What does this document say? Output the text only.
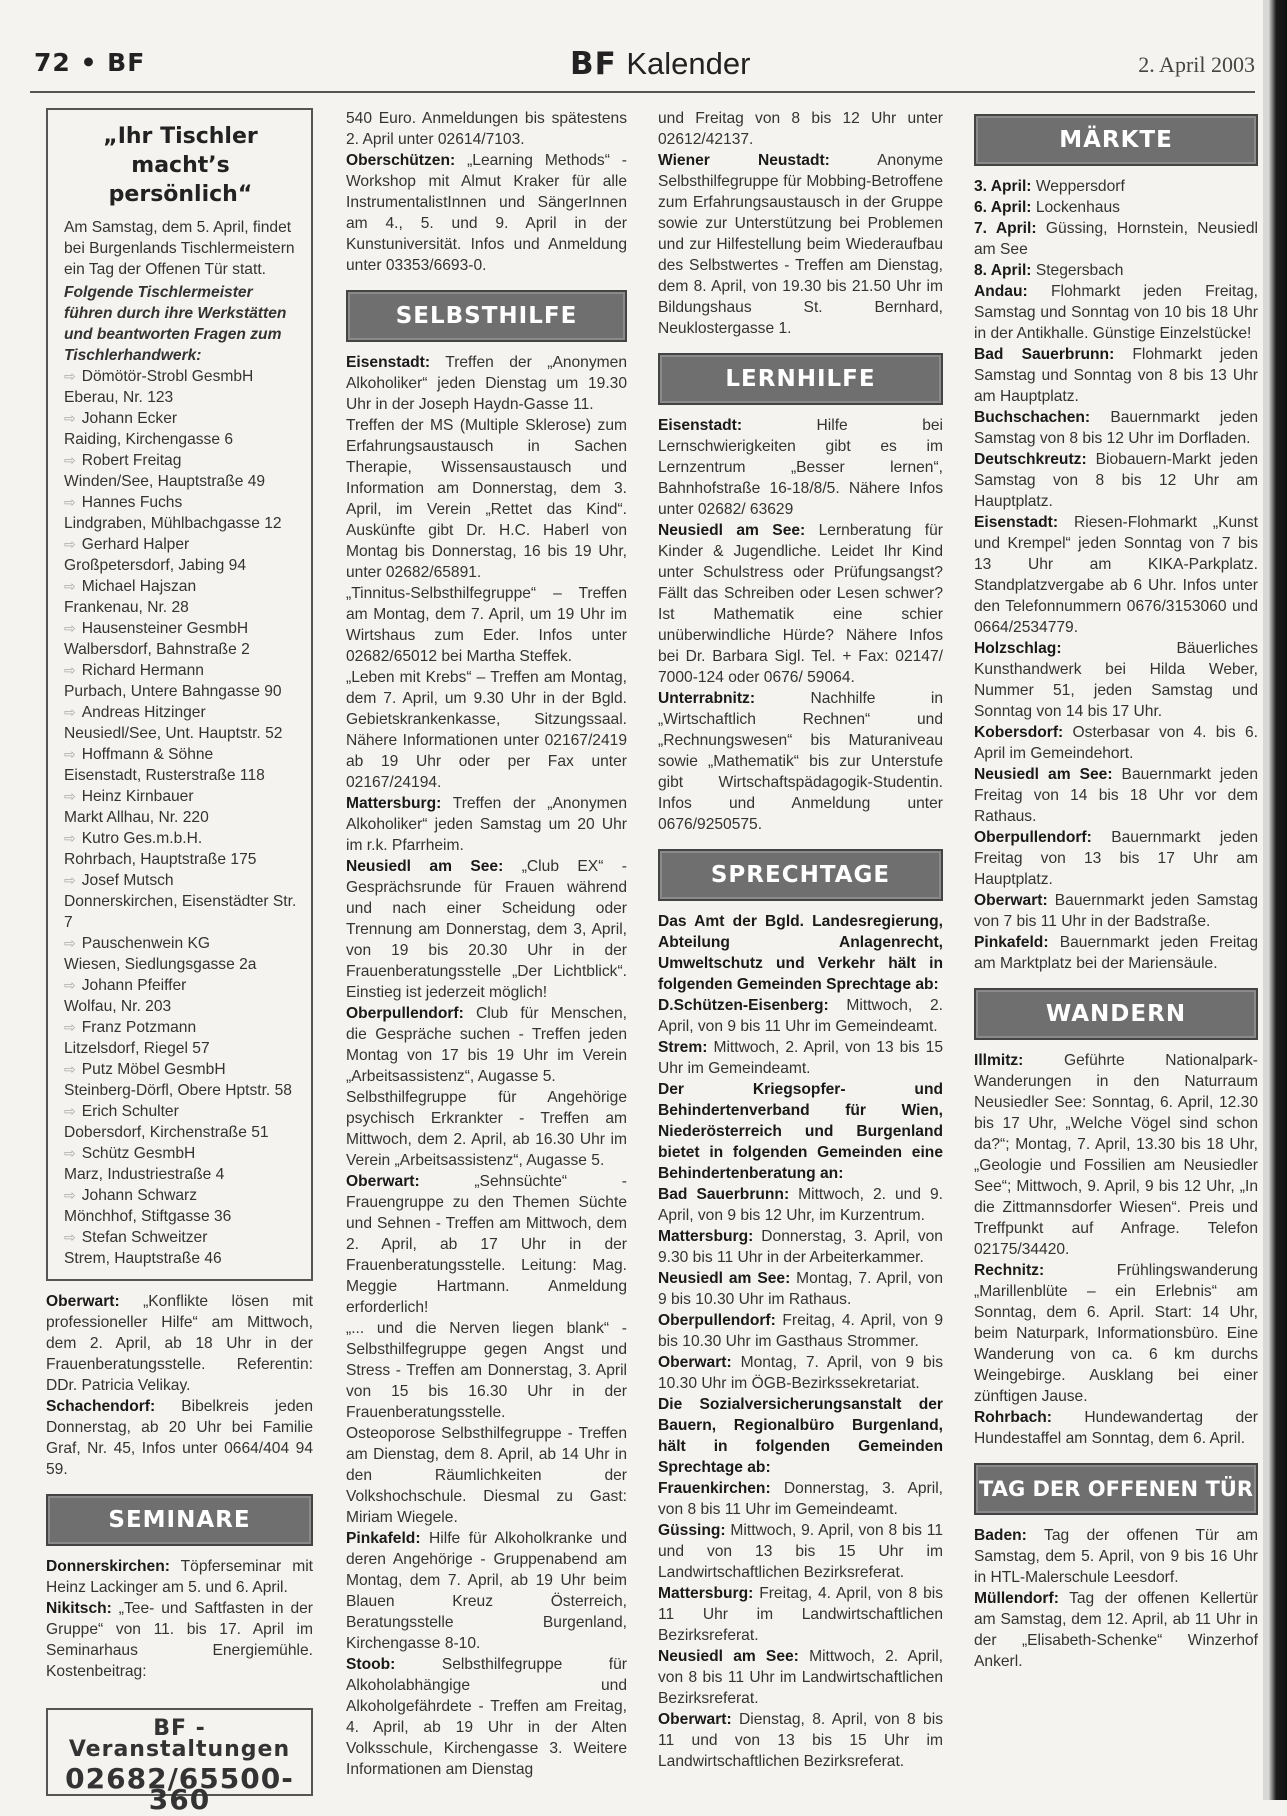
72 • BF	BF Kalender	2. April 2003
„Ihr Tischler macht’s persönlich“

Am Samstag, dem 5. April, findet bei Burgenlands Tischlermeistern ein Tag der Offenen Tür statt.

Folgende Tischlermeister führen durch ihre Werkstätten und beantworten Fragen zum Tischlerhandwerk:

⇨ Dömötör-Strobl GesmbH
Eberau, Nr. 123
⇨ Johann Ecker
Raiding, Kirchengasse 6
⇨ Robert Freitag
Winden/See, Hauptstraße 49
⇨ Hannes Fuchs
Lindgraben, Mühlbachgasse 12
⇨ Gerhard Halper
Großpetersdorf, Jabing 94
⇨ Michael Hajszan
Frankenau, Nr. 28
⇨ Hausensteiner GesmbH
Walbersdorf, Bahnstraße 2
⇨ Richard Hermann
Purbach, Untere Bahngasse 90
⇨ Andreas Hitzinger
Neusiedl/See, Unt. Hauptstr. 52
⇨ Hoffmann & Söhne
Eisenstadt, Rusterstraße 118
⇨ Heinz Kirnbauer
Markt Allhau, Nr. 220
⇨ Kutro Ges.m.b.H.
Rohrbach, Hauptstraße 175
⇨ Josef Mutsch
Donnerskirchen, Eisenstädter Str. 7
⇨ Pauschenwein KG
Wiesen, Siedlungsgasse 2a
⇨ Johann Pfeiffer
Wolfau, Nr. 203
⇨ Franz Potzmann
Litzelsdorf, Riegel 57
⇨ Putz Möbel GesmbH
Steinberg-Dörfl, Obere Hptstr. 58
⇨ Erich Schulter
Dobersdorf, Kirchenstraße 51
⇨ Schütz GesmbH
Marz, Industriestraße 4
⇨ Johann Schwarz
Mönchhof, Stiftgasse 36
⇨ Stefan Schweitzer
Strem, Hauptstraße 46

Oberwart: „Konflikte lösen mit professioneller Hilfe“ am Mittwoch, dem 2. April, ab 18 Uhr in der Frauenberatungsstelle. Referentin: DDr. Patricia Velikay.

Schachendorf: Bibelkreis jeden Donnerstag, ab 20 Uhr bei Familie Graf, Nr. 45, Infos unter 0664/404 94 59.

SEMINARE

Donnerskirchen: Töpferseminar mit Heinz Lackinger am 5. und 6. April.

Nikitsch: „Tee- und Saftfasten in der Gruppe“ von 11. bis 17. April im Seminarhaus Energiemühle. Kostenbeitrag:

BF - Veranstaltungen
02682/65500-360

540 Euro. Anmeldungen bis spätestens 2. April unter 02614/7103.

Oberschützen: „Learning Methods“ - Workshop mit Almut Kraker für alle InstrumentalistInnen und SängerInnen am 4., 5. und 9. April in der Kunstuniversität. Infos und Anmeldung unter 03353/6693-0.

SELBSTHILFE

Eisenstadt: Treffen der „Anonymen Alkoholiker“ jeden Dienstag um 19.30 Uhr in der Joseph Haydn-Gasse 11.

Treffen der MS (Multiple Sklerose) zum Erfahrungsaustausch in Sachen Therapie, Wissensaustausch und Information am Donnerstag, dem 3. April, im Verein „Rettet das Kind“. Auskünfte gibt Dr. H.C. Haberl von Montag bis Donnerstag, 16 bis 19 Uhr, unter 02682/65891.

„Tinnitus-Selbsthilfegruppe“ – Treffen am Montag, dem 7. April, um 19 Uhr im Wirtshaus zum Eder. Infos unter 02682/65012 bei Martha Steffek.

„Leben mit Krebs“ – Treffen am Montag, dem 7. April, um 9.30 Uhr in der Bgld. Gebietskrankenkasse, Sitzungssaal. Nähere Informationen unter 02167/2419 ab 19 Uhr oder per Fax unter 02167/24194.

Mattersburg: Treffen der „Anonymen Alkoholiker“ jeden Samstag um 20 Uhr im r.k. Pfarrheim.

Neusiedl am See: „Club EX“ - Gesprächsrunde für Frauen während und nach einer Scheidung oder Trennung am Donnerstag, dem 3, April, von 19 bis 20.30 Uhr in der Frauenberatungsstelle „Der Lichtblick“. Einstieg ist jederzeit möglich!

Oberpullendorf: Club für Menschen, die Gespräche suchen - Treffen jeden Montag von 17 bis 19 Uhr im Verein „Arbeitsassistenz“, Augasse 5.

Selbsthilfegruppe für Angehörige psychisch Erkrankter - Treffen am Mittwoch, dem 2. April, ab 16.30 Uhr im Verein „Arbeitsassistenz“, Augasse 5.

Oberwart: „Sehnsüchte“ - Frauengruppe zu den Themen Süchte und Sehnen - Treffen am Mittwoch, dem 2. April, ab 17 Uhr in der Frauenberatungsstelle. Leitung: Mag. Meggie Hartmann. Anmeldung erforderlich!

„... und die Nerven liegen blank“ - Selbsthilfegruppe gegen Angst und Stress - Treffen am Donnerstag, 3. April von 15 bis 16.30 Uhr in der Frauenberatungsstelle.

Osteoporose Selbsthilfegruppe - Treffen am Dienstag, dem 8. April, ab 14 Uhr in den Räumlichkeiten der Volkshochschule. Diesmal zu Gast: Miriam Wiegele.

Pinkafeld: Hilfe für Alkoholkranke und deren Angehörige - Gruppenabend am Montag, dem 7. April, ab 19 Uhr beim Blauen Kreuz Österreich, Beratungsstelle Burgenland, Kirchengasse 8-10.

Stoob: Selbsthilfegruppe für Alkoholabhängige und Alkoholgefährdete - Treffen am Freitag, 4. April, ab 19 Uhr in der Alten Volksschule, Kirchengasse 3. Weitere Informationen am Dienstag

und Freitag von 8 bis 12 Uhr unter 02612/42137.

Wiener Neustadt: Anonyme Selbsthilfegruppe für Mobbing-Betroffene zum Erfahrungsaustausch in der Gruppe sowie zur Unterstützung bei Problemen und zur Hilfestellung beim Wiederaufbau des Selbstwertes - Treffen am Dienstag, dem 8. April, von 19.30 bis 21.50 Uhr im Bildungshaus St. Bernhard, Neuklostergasse 1.

LERNHILFE

Eisenstadt: Hilfe bei Lernschwierigkeiten gibt es im Lernzentrum „Besser lernen“, Bahnhofstraße 16-18/8/5. Nähere Infos unter 02682/ 63629

Neusiedl am See: Lernberatung für Kinder & Jugendliche. Leidet Ihr Kind unter Schulstress oder Prüfungsangst? Fällt das Schreiben oder Lesen schwer? Ist Mathematik eine schier unüberwindliche Hürde? Nähere Infos bei Dr. Barbara Sigl. Tel. + Fax: 02147/ 7000-124 oder 0676/ 59064.

Unterrabnitz: Nachhilfe in „Wirtschaftlich Rechnen“ und „Rechnungswesen“ bis Maturaniveau sowie „Mathematik“ bis zur Unterstufe gibt Wirtschaftspädagogik-Studentin. Infos und Anmeldung unter 0676/9250575.

SPRECHTAGE

Das Amt der Bgld. Landesregierung, Abteilung Anlagenrecht, Umweltschutz und Verkehr hält in folgenden Gemeinden Sprechtage ab:

D.Schützen-Eisenberg: Mittwoch, 2. April, von 9 bis 11 Uhr im Gemeindeamt.

Strem: Mittwoch, 2. April, von 13 bis 15 Uhr im Gemeindeamt.

Der Kriegsopfer- und Behindertenverband für Wien, Niederösterreich und Burgenland bietet in folgenden Gemeinden eine Behindertenberatung an:

Bad Sauerbrunn: Mittwoch, 2. und 9. April, von 9 bis 12 Uhr, im Kurzentrum.

Mattersburg: Donnerstag, 3. April, von 9.30 bis 11 Uhr in der Arbeiterkammer.

Neusiedl am See: Montag, 7. April, von 9 bis 10.30 Uhr im Rathaus.

Oberpullendorf: Freitag, 4. April, von 9 bis 10.30 Uhr im Gasthaus Strommer.

Oberwart: Montag, 7. April, von 9 bis 10.30 Uhr im ÖGB-Bezirkssekretariat.

Die Sozialversicherungsanstalt der Bauern, Regionalbüro Burgenland, hält in folgenden Gemeinden Sprechtage ab:

Frauenkirchen: Donnerstag, 3. April, von 8 bis 11 Uhr im Gemeindeamt.

Güssing: Mittwoch, 9. April, von 8 bis 11 und von 13 bis 15 Uhr im Landwirtschaftlichen Bezirksreferat.

Mattersburg: Freitag, 4. April, von 8 bis 11 Uhr im Landwirtschaftlichen Bezirksreferat.

Neusiedl am See: Mittwoch, 2. April, von 8 bis 11 Uhr im Landwirtschaftlichen Bezirksreferat.

Oberwart: Dienstag, 8. April, von 8 bis 11 und von 13 bis 15 Uhr im Landwirtschaftlichen Bezirksreferat.

MÄRKTE

3. April: Weppersdorf

6. April: Lockenhaus

7. April: Güssing, Hornstein, Neusiedl am See

8. April: Stegersbach

Andau: Flohmarkt jeden Freitag, Samstag und Sonntag von 10 bis 18 Uhr in der Antikhalle. Günstige Einzelstücke!

Bad Sauerbrunn: Flohmarkt jeden Samstag und Sonntag von 8 bis 13 Uhr am Hauptplatz.

Buchschachen: Bauernmarkt jeden Samstag von 8 bis 12 Uhr im Dorfladen.

Deutschkreutz: Biobauern-Markt jeden Samstag von 8 bis 12 Uhr am Hauptplatz.

Eisenstadt: Riesen-Flohmarkt „Kunst und Krempel“ jeden Sonntag von 7 bis 13 Uhr am KIKA-Parkplatz. Standplatzvergabe ab 6 Uhr. Infos unter den Telefonnummern 0676/3153060 und 0664/2534779.

Holzschlag: Bäuerliches Kunsthandwerk bei Hilda Weber, Nummer 51, jeden Samstag und Sonntag von 14 bis 17 Uhr.

Kobersdorf: Osterbasar von 4. bis 6. April im Gemeindehort.

Neusiedl am See: Bauernmarkt jeden Freitag von 14 bis 18 Uhr vor dem Rathaus.

Oberpullendorf: Bauernmarkt jeden Freitag von 13 bis 17 Uhr am Hauptplatz.

Oberwart: Bauernmarkt jeden Samstag von 7 bis 11 Uhr in der Badstraße.

Pinkafeld: Bauernmarkt jeden Freitag am Marktplatz bei der Mariensäule.

WANDERN

Illmitz: Geführte Nationalpark-Wanderungen in den Naturraum Neusiedler See: Sonntag, 6. April, 12.30 bis 17 Uhr, „Welche Vögel sind schon da?“; Montag, 7. April, 13.30 bis 18 Uhr, „Geologie und Fossilien am Neusiedler See“; Mittwoch, 9. April, 9 bis 12 Uhr, „In die Zittmannsdorfer Wiesen“. Preis und Treffpunkt auf Anfrage. Telefon 02175/34420.

Rechnitz: Frühlingswanderung „Marillenblüte – ein Erlebnis“ am Sonntag, dem 6. April. Start: 14 Uhr, beim Naturpark, Informationsbüro. Eine Wanderung von ca. 6 km durchs Weingebirge. Ausklang bei einer zünftigen Jause.

Rohrbach: Hundewandertag der Hundestaffel am Sonntag, dem 6. April.

TAG DER OFFENEN TÜR

Baden: Tag der offenen Tür am Samstag, dem 5. April, von 9 bis 16 Uhr in HTL-Malerschule Leesdorf.

Müllendorf: Tag der offenen Kellertür am Samstag, dem 12. April, ab 11 Uhr in der „Elisabeth-Schenke“ Winzerhof Ankerl.
